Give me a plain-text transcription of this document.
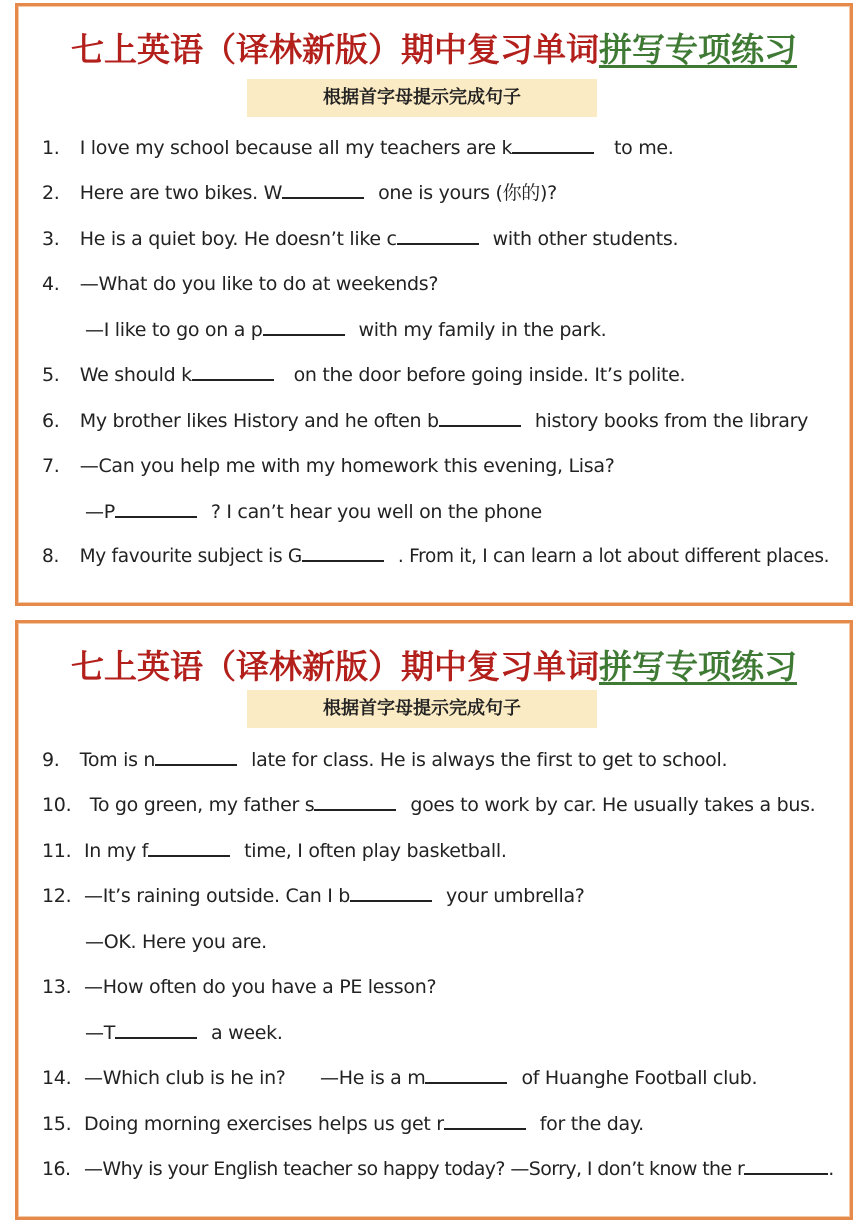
七上英语（译林新版）期中复习单词拼写专项练习
根据首字母提示完成句子
1. I love my school because all my teachers are k	to me.
2. Here are two bikes. W	one is yours (你的)?
3. He is a quiet boy. He doesn’t like c	with other students.
4. —What do you like to do at weekends?
—I like to go on a p	with my family in the park.
5. We should k	on the door before going inside. It’s polite.
6. My brother likes History and he often b	history books from the library
7. —Can you help me with my homework this evening, Lisa?
—P	? I can’t hear you well on the phone
8. My favourite subject is G	. From it, I can learn a lot about different places.
七上英语（译林新版）期中复习单词拼写专项练习
根据首字母提示完成句子
9. Tom is n	late for class. He is always the first to get to school.
10. To go green, my father s	goes to work by car. He usually takes a bus.
11. In my f	time, I often play basketball.
12. —It’s raining outside. Can I b	your umbrella?
—OK. Here you are.
13. —How often do you have a PE lesson?
—T	a week.
14. —Which club is he in?      —He is a m	of Huanghe Football club.
15. Doing morning exercises helps us get r	for the day.
16. —Why is your English teacher so happy today? —Sorry, I don’t know the r	.
